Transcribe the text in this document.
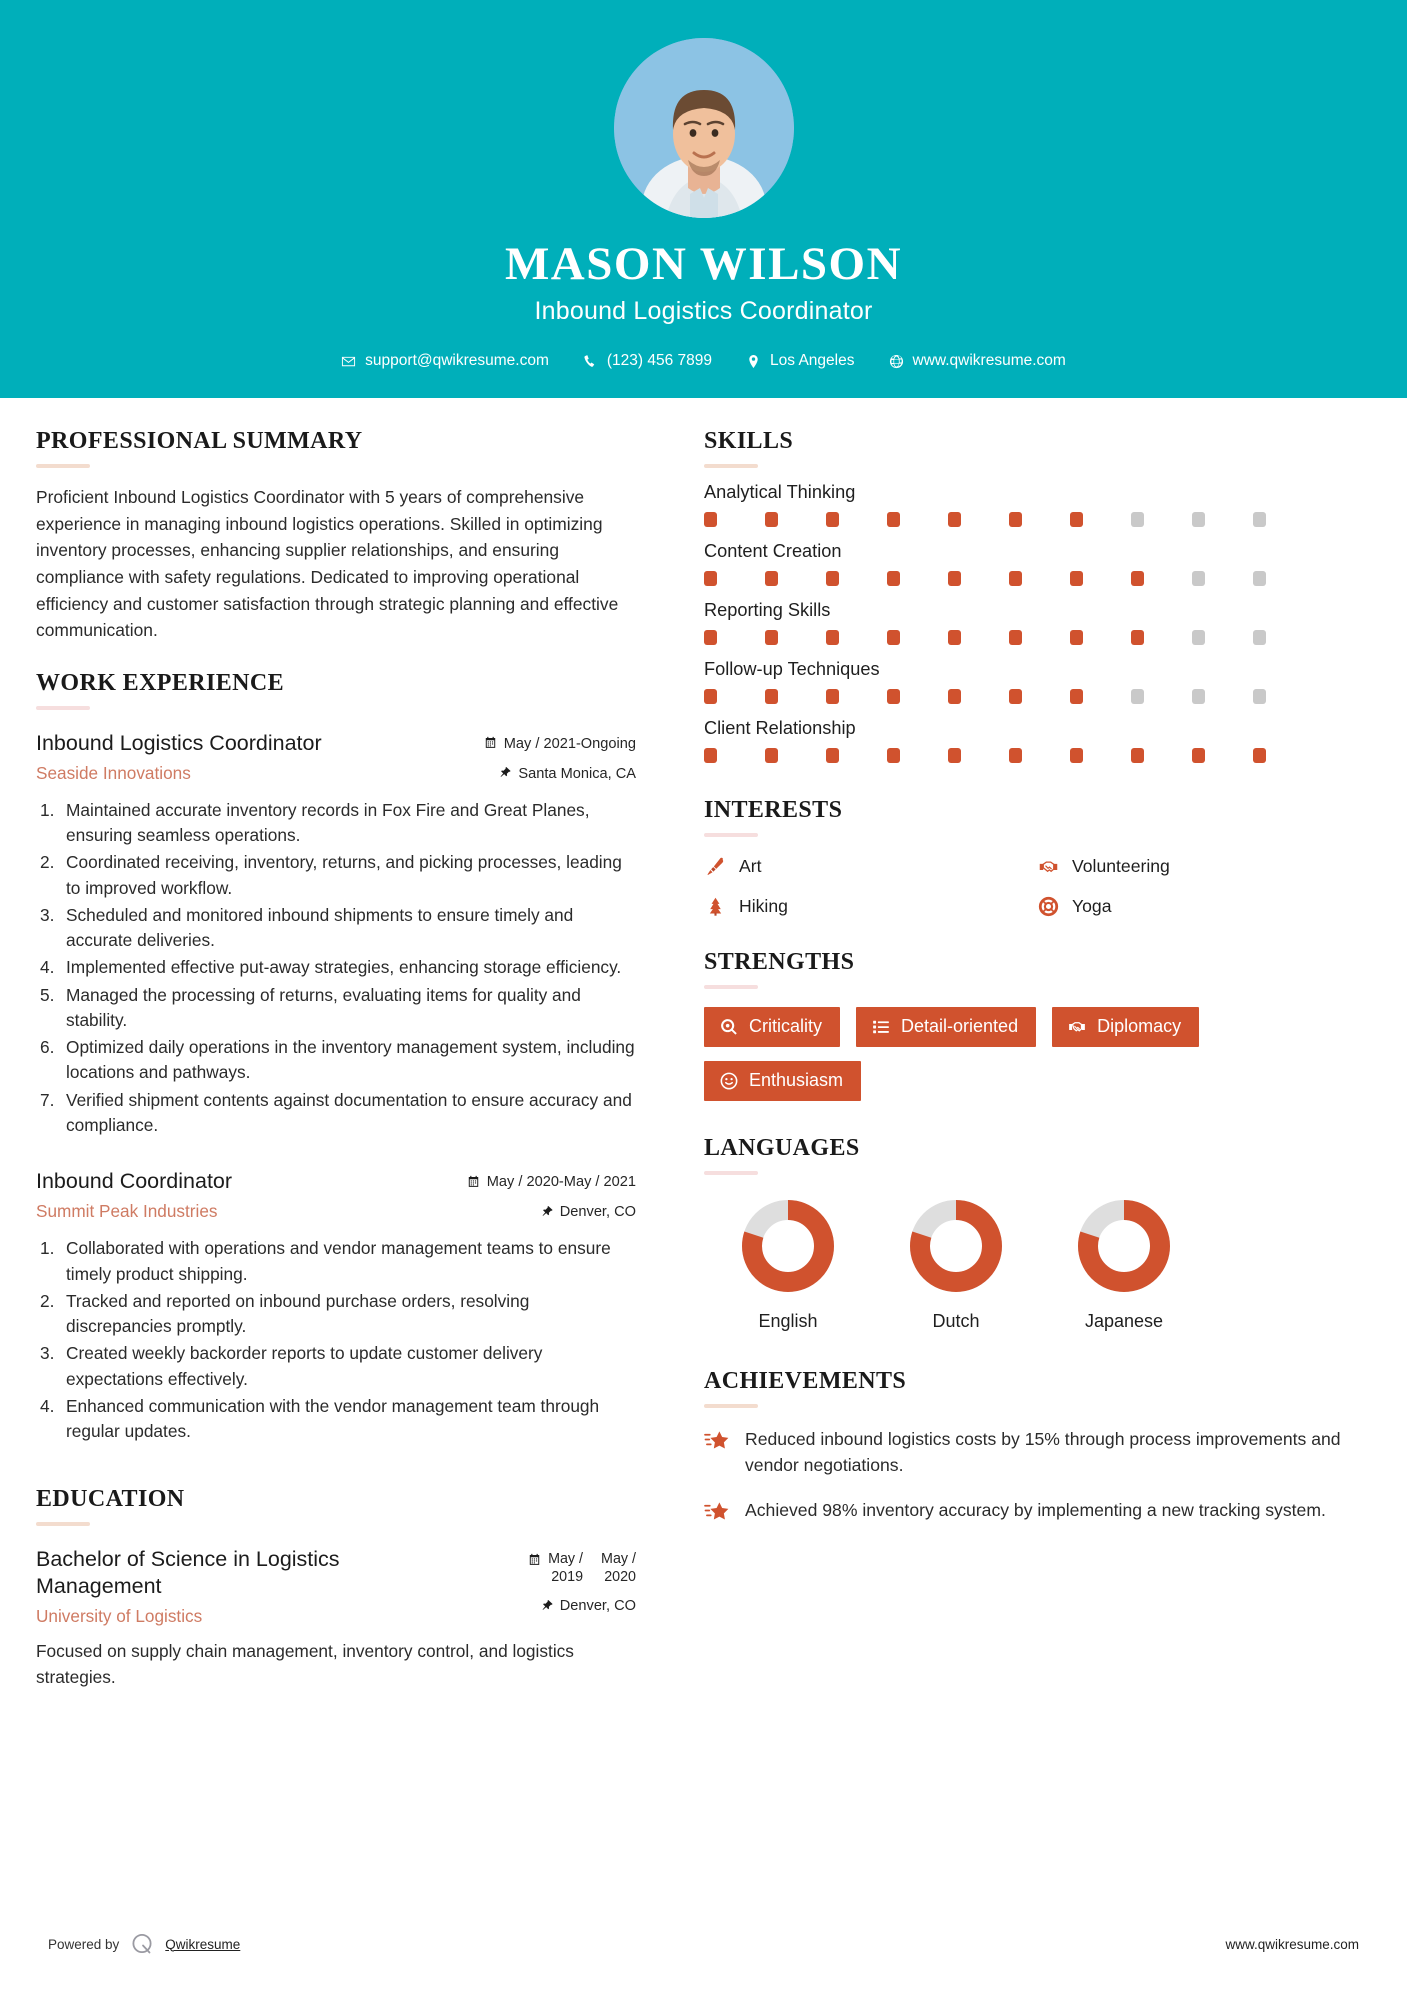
MASON WILSON
Inbound Logistics Coordinator
support@qwikresume.com	(123) 456 7899	Los Angeles	www.qwikresume.com
PROFESSIONAL SUMMARY
Proficient Inbound Logistics Coordinator with 5 years of comprehensive experience in managing inbound logistics operations. Skilled in optimizing inventory processes, enhancing supplier relationships, and ensuring compliance with safety regulations. Dedicated to improving operational efficiency and customer satisfaction through strategic planning and effective communication.
WORK EXPERIENCE
Inbound Logistics Coordinator
Seaside Innovations
May / 2021-Ongoing
Santa Monica, CA
Maintained accurate inventory records in Fox Fire and Great Planes, ensuring seamless operations.
Coordinated receiving, inventory, returns, and picking processes, leading to improved workflow.
Scheduled and monitored inbound shipments to ensure timely and accurate deliveries.
Implemented effective put-away strategies, enhancing storage efficiency.
Managed the processing of returns, evaluating items for quality and stability.
Optimized daily operations in the inventory management system, including locations and pathways.
Verified shipment contents against documentation to ensure accuracy and compliance.
Inbound Coordinator
Summit Peak Industries
May / 2020-May / 2021
Denver, CO
Collaborated with operations and vendor management teams to ensure timely product shipping.
Tracked and reported on inbound purchase orders, resolving discrepancies promptly.
Created weekly backorder reports to update customer delivery expectations effectively.
Enhanced communication with the vendor management team through regular updates.
EDUCATION
Bachelor of Science in Logistics Management
University of Logistics
May /
2019
May /
2020
Denver, CO
Focused on supply chain management, inventory control, and logistics strategies.
SKILLS
Analytical Thinking
Content Creation
Reporting Skills
Follow-up Techniques
Client Relationship
INTERESTS
Art	Volunteering
Hiking	Yoga
STRENGTHS
Criticality	Detail-oriented	Diplomacy
Enthusiasm
LANGUAGES
English	Dutch	Japanese
ACHIEVEMENTS
Reduced inbound logistics costs by 15% through process improvements and vendor negotiations.
Achieved 98% inventory accuracy by implementing a new tracking system.
Powered by	Qwikresume	www.qwikresume.com
